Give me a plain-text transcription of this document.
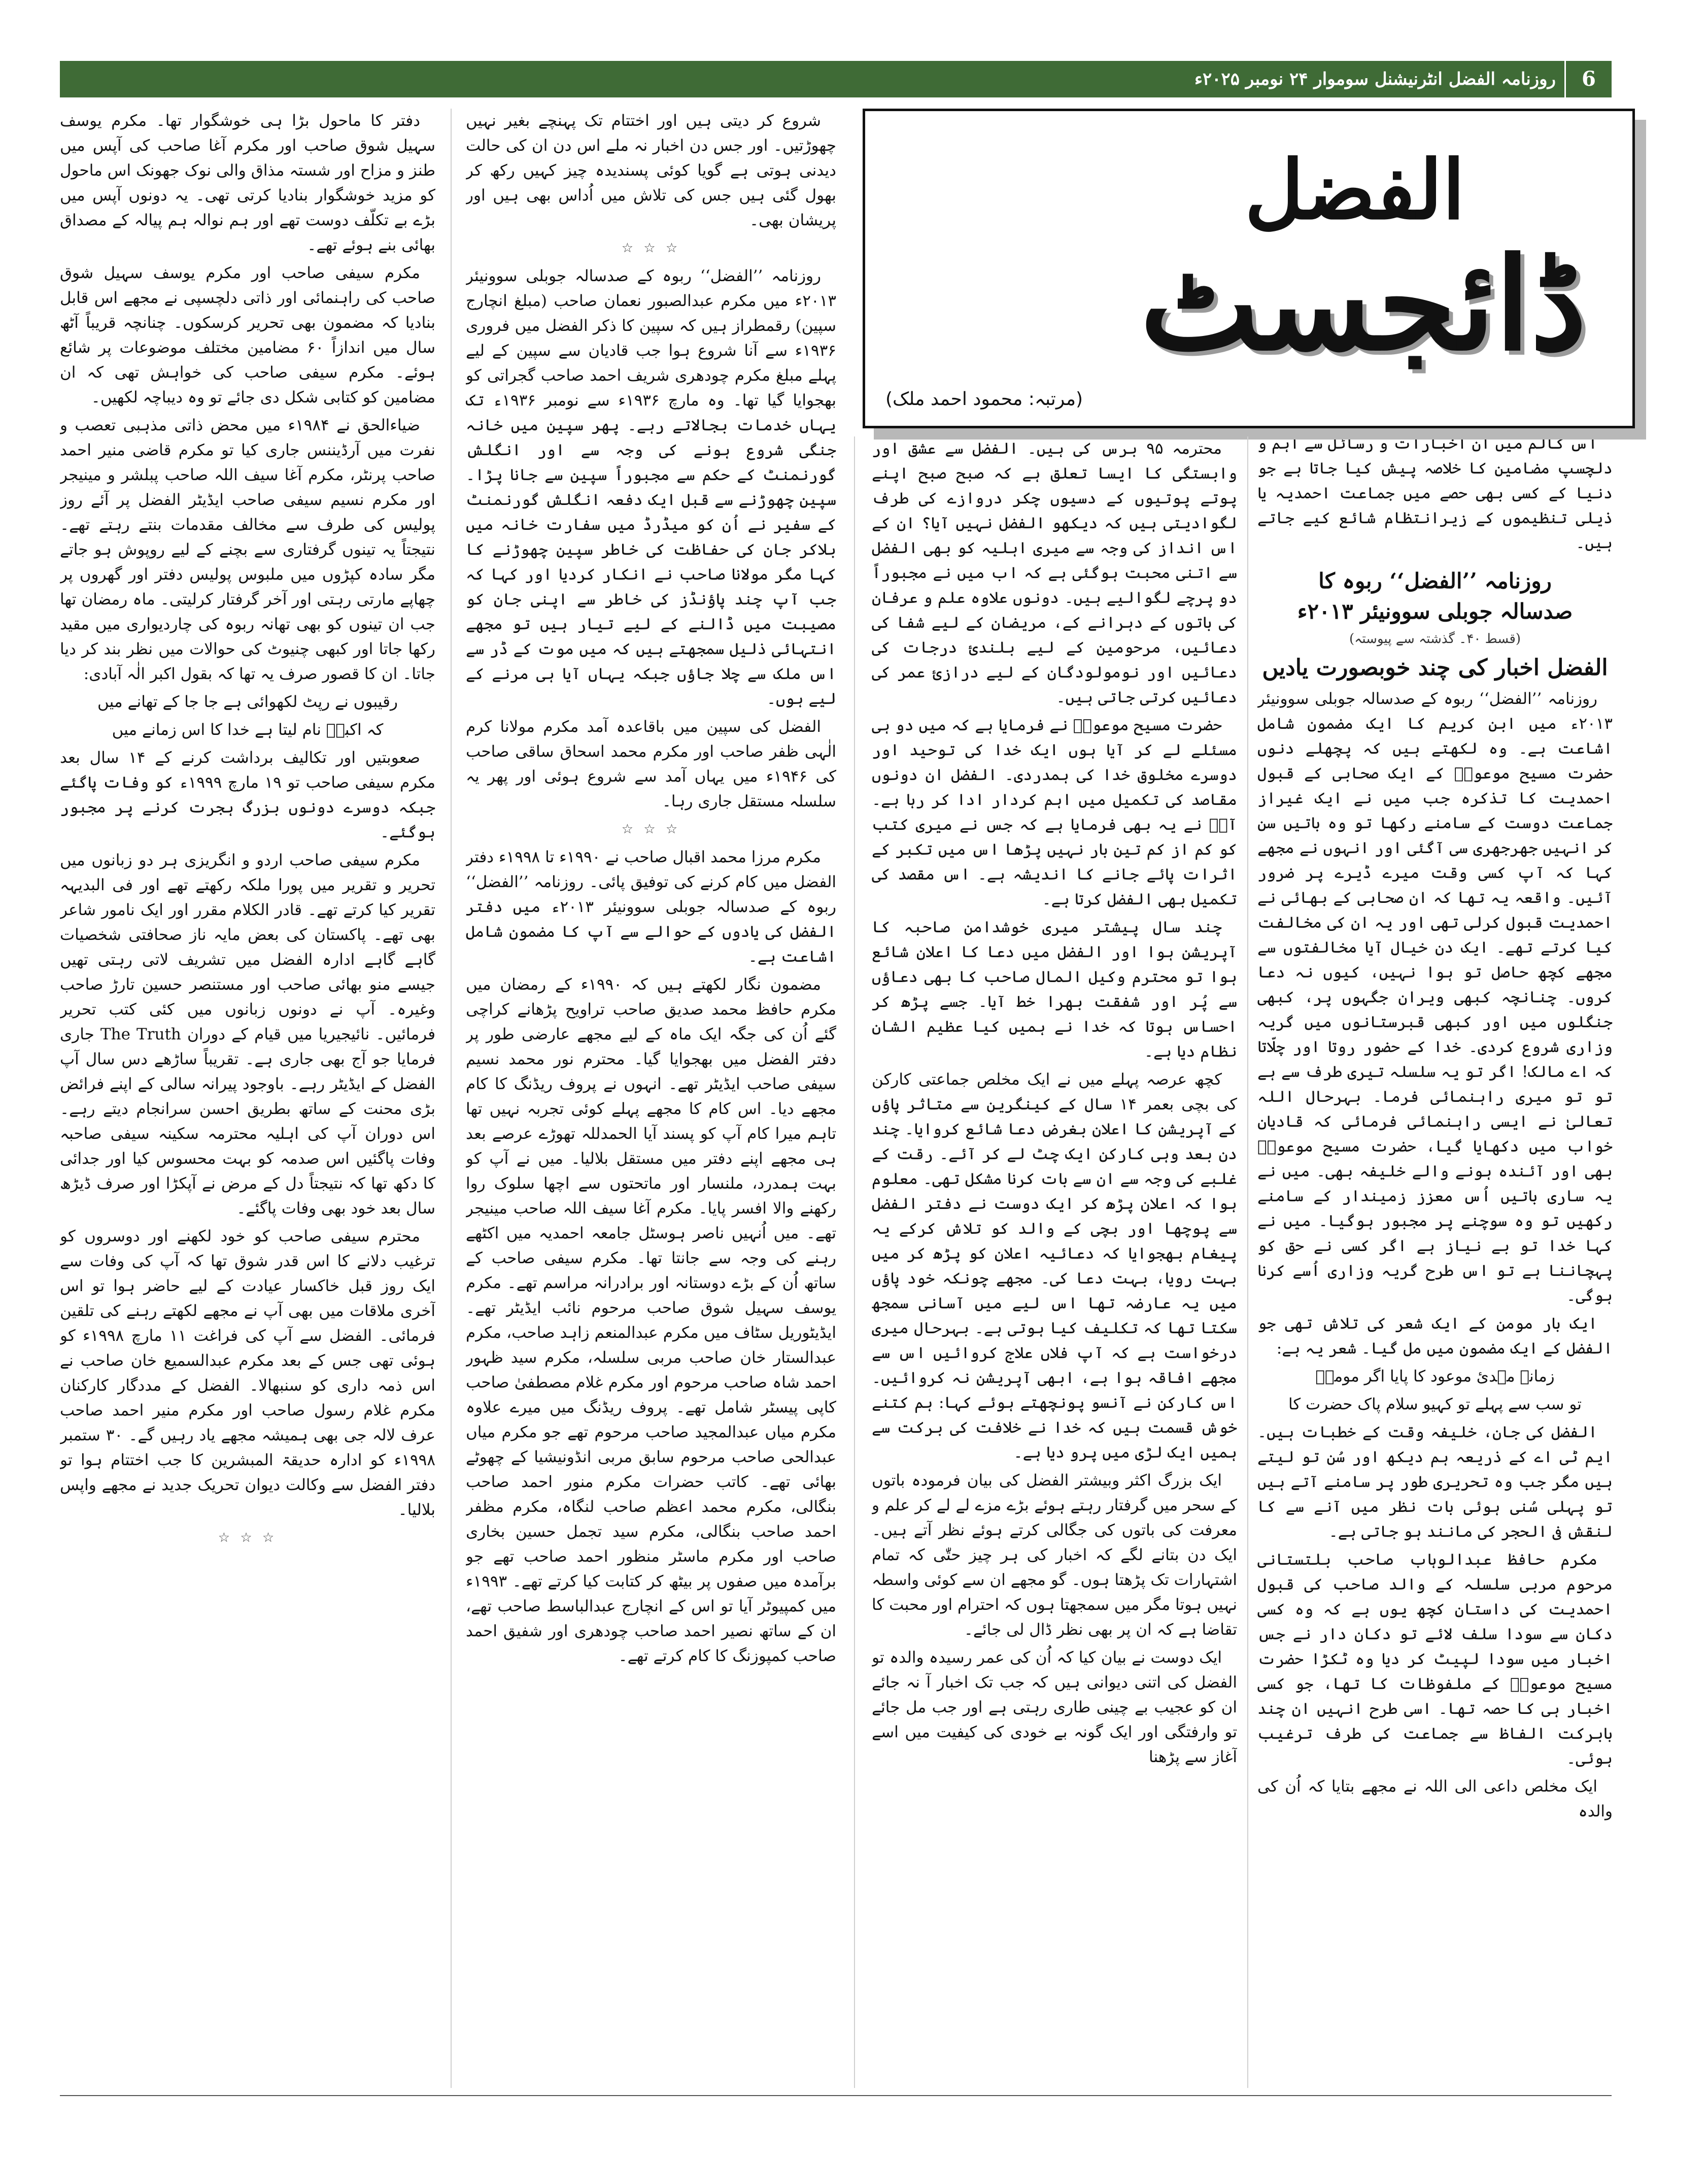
6
روزنامہ الفضل انٹرنیشنل سوموار ۲۴ نومبر ۲۰۲۵ء

اس کالم میں ان اخبارات و رسائل سے اہم و دلچسپ مضامین کا خلاصہ پیش کیا جاتا ہے جو دنیا کے کسی بھی حصے میں جماعت احمدیہ یا ذیلی تنظیموں کے زیرانتظام شائع کیے جاتے ہیں۔

روزنامہ ’’الفضل‘‘ ربوہ کا
صدسالہ جوبلی سوونیئر ۲۰۱۳ء

(قسط ۴۰۔ گذشتہ سے پیوستہ)

الفضل اخبار کی چند خوبصورت یادیں

روزنامہ ’’الفضل‘‘ ربوہ کے صدسالہ جوبلی سوونیئر ۲۰۱۳ء میں ابن کریم کا ایک مضمون شامل اشاعت ہے۔ وہ لکھتے ہیں کہ پچھلے دنوں حضرت مسیح موعودؑ کے ایک صحابی کے قبول احمدیت کا تذکرہ جب میں نے ایک غیراز جماعت دوست کے سامنے رکھا تو وہ باتیں سن کر انہیں جھرجھری سی آگئی اور انہوں نے مجھے کہا کہ آپ کسی وقت میرے ڈیرے پر ضرور آئیں۔ واقعہ یہ تھا کہ ان صحابی کے بھائی نے احمدیت قبول کرلی تھی اور یہ ان کی مخالفت کیا کرتے تھے۔ ایک دن خیال آیا مخالفتوں سے مجھے کچھ حاصل تو ہوا نہیں، کیوں نہ دعا کروں۔ چنانچہ کبھی ویران جگہوں پر، کبھی جنگلوں میں اور کبھی قبرستانوں میں گریہ وزاری شروع کردی۔ خدا کے حضور روتا اور چلّاتا کہ اے مالک! اگر تو یہ سلسلہ تیری طرف سے ہے تو تو میری راہنمائی فرما۔ بہرحال اللہ تعالیٰ نے ایسی راہنمائی فرمائی کہ قادیان خواب میں دکھایا گیا، حضرت مسیح موعودؑ بھی اور آئندہ ہونے والے خلیفہ بھی۔ میں نے یہ ساری باتیں اُس معزز زمیندار کے سامنے رکھیں تو وہ سوچنے پر مجبور ہوگیا۔ میں نے کہا خدا تو بے نیاز ہے اگر کسی نے حق کو پہچاننا ہے تو اس طرح گریہ وزاری اُسے کرنا ہوگی۔

ایک بار مومن کے ایک شعر کی تلاش تھی جو الفضل کے ایک مضمون میں مل گیا۔ شعر یہ ہے:

زمانہ مہدیٔ موعود کا پایا اگر مومنؔ

تو سب سے پہلے تو کہیو سلام پاک حضرت کا

الفضل کی جان، خلیفہ وقت کے خطبات ہیں۔ ایم ٹی اے کے ذریعہ ہم دیکھ اور سُن تو لیتے ہیں مگر جب وہ تحریری طور پر سامنے آتے ہیں تو پہلی سُنی ہوئی بات نظر میں آنے سے کا لنقش فی الحجر کی مانند ہو جاتی ہے۔

مکرم حافظ عبدالوہاب صاحب بلتستانی مرحوم مربی سلسلہ کے والد صاحب کی قبول احمدیت کی داستان کچھ یوں ہے کہ وہ کسی دکان سے سودا سلف لائے تو دکان دار نے جس اخبار میں سودا لپیٹ کر دیا وہ ٹکڑا حضرت مسیح موعودؑ کے ملفوظات کا تھا، جو کسی اخبار ہی کا حصہ تھا۔ اسی طرح انہیں ان چند بابرکت الفاظ سے جماعت کی طرف ترغیب ہوئی۔

ایک مخلص داعی الی اللہ نے مجھے بتایا کہ اُن کی والدہ

الفضل
ڈائجسٹ
(مرتبہ: محمود احمد ملک)

محترمہ ۹۵ برس کی ہیں۔ الفضل سے عشق اور وابستگی کا ایسا تعلق ہے کہ صبح صبح اپنے پوتے پوتیوں کے دسیوں چکر دروازے کی طرف لگوادیتی ہیں کہ دیکھو الفضل نہیں آیا؟ ان کے اس انداز کی وجہ سے میری اہلیہ کو بھی الفضل سے اتنی محبت ہوگئی ہے کہ اب میں نے مجبوراً دو پرچے لگوالیے ہیں۔ دونوں علاوہ علم و عرفان کی باتوں کے دہرانے کے، مریضان کے لیے شفا کی دعائیں، مرحومین کے لیے بلندیٔ درجات کی دعائیں اور نومولودگان کے لیے درازیٔ عمر کی دعائیں کرتی جاتی ہیں۔

حضرت مسیح موعودؑ نے فرمایا ہے کہ میں دو ہی مسئلے لے کر آیا ہوں ایک خدا کی توحید اور دوسرے مخلوق خدا کی ہمدردی۔ الفضل ان دونوں مقاصد کی تکمیل میں اہم کردار ادا کر رہا ہے۔ آپؑ نے یہ بھی فرمایا ہے کہ جس نے میری کتب کو کم از کم تین بار نہیں پڑھا اس میں تکبر کے اثرات پائے جانے کا اندیشہ ہے۔ اس مقصد کی تکمیل بھی الفضل کرتا ہے۔

چند سال پیشتر میری خوشدامن صاحبہ کا آپریشن ہوا اور الفضل میں دعا کا اعلان شائع ہوا تو محترم وکیل المال صاحب کا بھی دعاؤں سے پُر اور شفقت بھرا خط آیا۔ جسے پڑھ کر احساس ہوتا کہ خدا نے ہمیں کیا عظیم الشان نظام دیا ہے۔

کچھ عرصہ پہلے میں نے ایک مخلص جماعتی کارکن کی بچی بعمر ۱۴ سال کے کینگرین سے متاثر پاؤں کے آپریشن کا اعلان بغرض دعا شائع کروایا۔ چند دن بعد وہی کارکن ایک چٹ لے کر آئے۔ رقت کے غلبے کی وجہ سے ان سے بات کرنا مشکل تھی۔ معلوم ہوا کہ اعلان پڑھ کر ایک دوست نے دفتر الفضل سے پوچھا اور بچی کے والد کو تلاش کرکے یہ پیغام بھجوایا کہ دعائیہ اعلان کو پڑھ کر میں بہت رویا، بہت دعا کی۔ مجھے چونکہ خود پاؤں میں یہ عارضہ تھا اس لیے میں آسانی سمجھ سکتا تھا کہ تکلیف کیا ہوتی ہے۔ بہرحال میری درخواست ہے کہ آپ فلاں علاج کروائیں اس سے مجھے افاقہ ہوا ہے، ابھی آپریشن نہ کروائیں۔ اس کارکن نے آنسو پونچھتے ہوئے کہا: ہم کتنے خوش قسمت ہیں کہ خدا نے خلافت کی برکت سے ہمیں ایک لڑی میں پرو دیا ہے۔

ایک بزرگ اکثر وبیشتر الفضل کی بیان فرمودہ باتوں کے سحر میں گرفتار رہتے ہوئے بڑے مزے لے لے کر علم و معرفت کی باتوں کی جگالی کرتے ہوئے نظر آتے ہیں۔ ایک دن بتانے لگے کہ اخبار کی ہر چیز حتّٰی کہ تمام اشتہارات تک پڑھتا ہوں۔ گو مجھے ان سے کوئی واسطہ نہیں ہوتا مگر میں سمجھتا ہوں کہ احترام اور محبت کا تقاضا ہے کہ ان پر بھی نظر ڈال لی جائے۔

ایک دوست نے بیان کیا کہ اُن کی عمر رسیدہ والدہ تو الفضل کی اتنی دیوانی ہیں کہ جب تک اخبار آ نہ جائے ان کو عجیب بے چینی طاری رہتی ہے اور جب مل جائے تو وارفتگی اور ایک گونہ بے خودی کی کیفیت میں اسے آغاز سے پڑھنا

شروع کر دیتی ہیں اور اختتام تک پہنچے بغیر نہیں چھوڑتیں۔ اور جس دن اخبار نہ ملے اس دن ان کی حالت دیدنی ہوتی ہے گویا کوئی پسندیدہ چیز کہیں رکھ کر بھول گئی ہیں جس کی تلاش میں اُداس بھی ہیں اور پریشان بھی۔

☆ ☆ ☆

روزنامہ ’’الفضل‘‘ ربوہ کے صدسالہ جوبلی سوونیئر ۲۰۱۳ء میں مکرم عبدالصبور نعمان صاحب (مبلغ انچارج سپین) رقمطراز ہیں کہ سپین کا ذکر الفضل میں فروری ۱۹۳۶ء سے آنا شروع ہوا جب قادیان سے سپین کے لیے پہلے مبلغ مکرم چودھری شریف احمد صاحب گجراتی کو بھجوایا گیا تھا۔ وہ مارچ ۱۹۳۶ء سے نومبر ۱۹۳۶ء تک یہاں خدمات بجالاتے رہے۔ پھر سپین میں خانہ جنگی شروع ہونے کی وجہ سے اور انگلش گورنمنٹ کے حکم سے مجبوراً سپین سے جانا پڑا۔ سپین چھوڑنے سے قبل ایک دفعہ انگلش گورنمنٹ کے سفیر نے اُن کو میڈرڈ میں سفارت خانہ میں بلاکر جان کی حفاظت کی خاطر سپین چھوڑنے کا کہا مگر مولانا صاحب نے انکار کردیا اور کہا کہ جب آپ چند پاؤنڈز کی خاطر سے اپنی جان کو مصیبت میں ڈالنے کے لیے تیار ہیں تو مجھے انتہائی ذلیل سمجھتے ہیں کہ میں موت کے ڈر سے اس ملک سے چلا جاؤں جبکہ یہاں آیا ہی مرنے کے لیے ہوں۔

الفضل کی سپین میں باقاعدہ آمد مکرم مولانا کرم الٰہی ظفر صاحب اور مکرم محمد اسحاق ساقی صاحب کی ۱۹۴۶ء میں یہاں آمد سے شروع ہوئی اور پھر یہ سلسلہ مستقل جاری رہا۔

☆ ☆ ☆

مکرم مرزا محمد اقبال صاحب نے ۱۹۹۰ء تا ۱۹۹۸ء دفتر الفضل میں کام کرنے کی توفیق پائی۔ روزنامہ ’’الفضل‘‘ ربوہ کے صدسالہ جوبلی سوونیئر ۲۰۱۳ء میں دفتر الفضل کی یادوں کے حوالے سے آپ کا مضمون شامل اشاعت ہے۔

مضمون نگار لکھتے ہیں کہ ۱۹۹۰ء کے رمضان میں مکرم حافظ محمد صدیق صاحب تراویح پڑھانے کراچی گئے اُن کی جگہ ایک ماہ کے لیے مجھے عارضی طور پر دفتر الفضل میں بھجوایا گیا۔ محترم نور محمد نسیم سیفی صاحب ایڈیٹر تھے۔ انہوں نے پروف ریڈنگ کا کام مجھے دیا۔ اس کام کا مجھے پہلے کوئی تجربہ نہیں تھا تاہم میرا کام آپ کو پسند آیا الحمدللہ تھوڑے عرصے بعد ہی مجھے اپنے دفتر میں مستقل بلالیا۔ میں نے آپ کو بہت ہمدرد، ملنسار اور ماتحتوں سے اچھا سلوک روا رکھنے والا افسر پایا۔ مکرم آغا سیف اللہ صاحب مینیجر تھے۔ میں اُنہیں ناصر ہوسٹل جامعہ احمدیہ میں اکٹھے رہنے کی وجہ سے جانتا تھا۔ مکرم سیفی صاحب کے ساتھ اُن کے بڑے دوستانہ اور برادرانہ مراسم تھے۔ مکرم یوسف سہیل شوق صاحب مرحوم نائب ایڈیٹر تھے۔ ایڈیٹوریل سٹاف میں مکرم عبدالمنعم زاہد صاحب، مکرم عبدالستار خان صاحب مربی سلسلہ، مکرم سید ظہور احمد شاہ صاحب مرحوم اور مکرم غلام مصطفیٰ صاحب کاپی پیسٹر شامل تھے۔ پروف ریڈنگ میں میرے علاوہ مکرم میاں عبدالمجید صاحب مرحوم تھے جو مکرم میاں عبدالحی صاحب مرحوم سابق مربی انڈونیشیا کے چھوٹے بھائی تھے۔ کاتب حضرات مکرم منور احمد صاحب بنگالی، مکرم محمد اعظم صاحب لنگاہ، مکرم مظفر احمد صاحب بنگالی، مکرم سید تجمل حسین بخاری صاحب اور مکرم ماسٹر منظور احمد صاحب تھے جو برآمدہ میں صفوں پر بیٹھ کر کتابت کیا کرتے تھے۔ ۱۹۹۳ء میں کمپیوٹر آیا تو اس کے انچارج عبدالباسط صاحب تھے، ان کے ساتھ نصیر احمد صاحب چودھری اور شفیق احمد صاحب کمپوزنگ کا کام کرتے تھے۔

دفتر کا ماحول بڑا ہی خوشگوار تھا۔ مکرم یوسف سہیل شوق صاحب اور مکرم آغا صاحب کی آپس میں طنز و مزاح اور شستہ مذاق والی نوک جھونک اس ماحول کو مزید خوشگوار بنادیا کرتی تھی۔ یہ دونوں آپس میں بڑے بے تکلّف دوست تھے اور ہم نوالہ ہم پیالہ کے مصداق بھائی بنے ہوئے تھے۔

مکرم سیفی صاحب اور مکرم یوسف سہیل شوق صاحب کی راہنمائی اور ذاتی دلچسپی نے مجھے اس قابل بنادیا کہ مضمون بھی تحریر کرسکوں۔ چنانچہ قریباً آٹھ سال میں اندازاً ۶۰ مضامین مختلف موضوعات پر شائع ہوئے۔ مکرم سیفی صاحب کی خواہش تھی کہ ان مضامین کو کتابی شکل دی جائے تو وہ دیباچہ لکھیں۔

ضیاءالحق نے ۱۹۸۴ء میں محض ذاتی مذہبی تعصب و نفرت میں آرڈیننس جاری کیا تو مکرم قاضی منیر احمد صاحب پرنٹر، مکرم آغا سیف اللہ صاحب پبلشر و مینیجر اور مکرم نسیم سیفی صاحب ایڈیٹر الفضل پر آئے روز پولیس کی طرف سے مخالف مقدمات بنتے رہتے تھے۔ نتیجتاً یہ تینوں گرفتاری سے بچنے کے لیے روپوش ہو جاتے مگر سادہ کپڑوں میں ملبوس پولیس دفتر اور گھروں پر چھاپے مارتی رہتی اور آخر گرفتار کرلیتی۔ ماہ رمضان تھا جب ان تینوں کو بھی تھانہ ربوہ کی چاردیواری میں مقید رکھا جاتا اور کبھی چنیوٹ کی حوالات میں نظر بند کر دیا جاتا۔ ان کا قصور صرف یہ تھا کہ بقول اکبر الٰہ آبادی:

رقیبوں نے رپٹ لکھوائی ہے جا جا کے تھانے میں

کہ اکبرؔ نام لیتا ہے خدا کا اس زمانے میں

صعوبتیں اور تکالیف برداشت کرنے کے ۱۴ سال بعد مکرم سیفی صاحب تو ۱۹ مارچ ۱۹۹۹ء کو وفات پاگئے جبکہ دوسرے دونوں بزرگ ہجرت کرنے پر مجبور ہوگئے۔

مکرم سیفی صاحب اردو و انگریزی ہر دو زبانوں میں تحریر و تقریر میں پورا ملکہ رکھتے تھے اور فی البدیہہ تقریر کیا کرتے تھے۔ قادر الکلام مقرر اور ایک نامور شاعر بھی تھے۔ پاکستان کی بعض مایہ ناز صحافتی شخصیات گاہے گاہے ادارہ الفضل میں تشریف لاتی رہتی تھیں جیسے منو بھائی صاحب اور مستنصر حسین تارڑ صاحب وغیرہ۔ آپ نے دونوں زبانوں میں کئی کتب تحریر فرمائیں۔ نائیجیریا میں قیام کے دوران The Truth جاری فرمایا جو آج بھی جاری ہے۔ تقریباً ساڑھے دس سال آپ الفضل کے ایڈیٹر رہے۔ باوجود پیرانہ سالی کے اپنے فرائض بڑی محنت کے ساتھ بطریق احسن سرانجام دیتے رہے۔ اس دوران آپ کی اہلیہ محترمہ سکینہ سیفی صاحبہ وفات پاگئیں اس صدمہ کو بہت محسوس کیا اور جدائی کا دکھ تھا کہ نتیجتاً دل کے مرض نے آپکڑا اور صرف ڈیڑھ سال بعد خود بھی وفات پاگئے۔

محترم سیفی صاحب کو خود لکھنے اور دوسروں کو ترغیب دلانے کا اس قدر شوق تھا کہ آپ کی وفات سے ایک روز قبل خاکسار عیادت کے لیے حاضر ہوا تو اس آخری ملاقات میں بھی آپ نے مجھے لکھتے رہنے کی تلقین فرمائی۔ الفضل سے آپ کی فراغت ۱۱ مارچ ۱۹۹۸ء کو ہوئی تھی جس کے بعد مکرم عبدالسمیع خان صاحب نے اس ذمہ داری کو سنبھالا۔ الفضل کے مددگار کارکنان مکرم غلام رسول صاحب اور مکرم منیر احمد صاحب عرف لالہ جی بھی ہمیشہ مجھے یاد رہیں گے۔ ۳۰ ستمبر ۱۹۹۸ء کو ادارہ حدیقۃ المبشرین کا جب اختتام ہوا تو دفتر الفضل سے وکالت دیوان تحریک جدید نے مجھے واپس بلالیا۔

☆ ☆ ☆
